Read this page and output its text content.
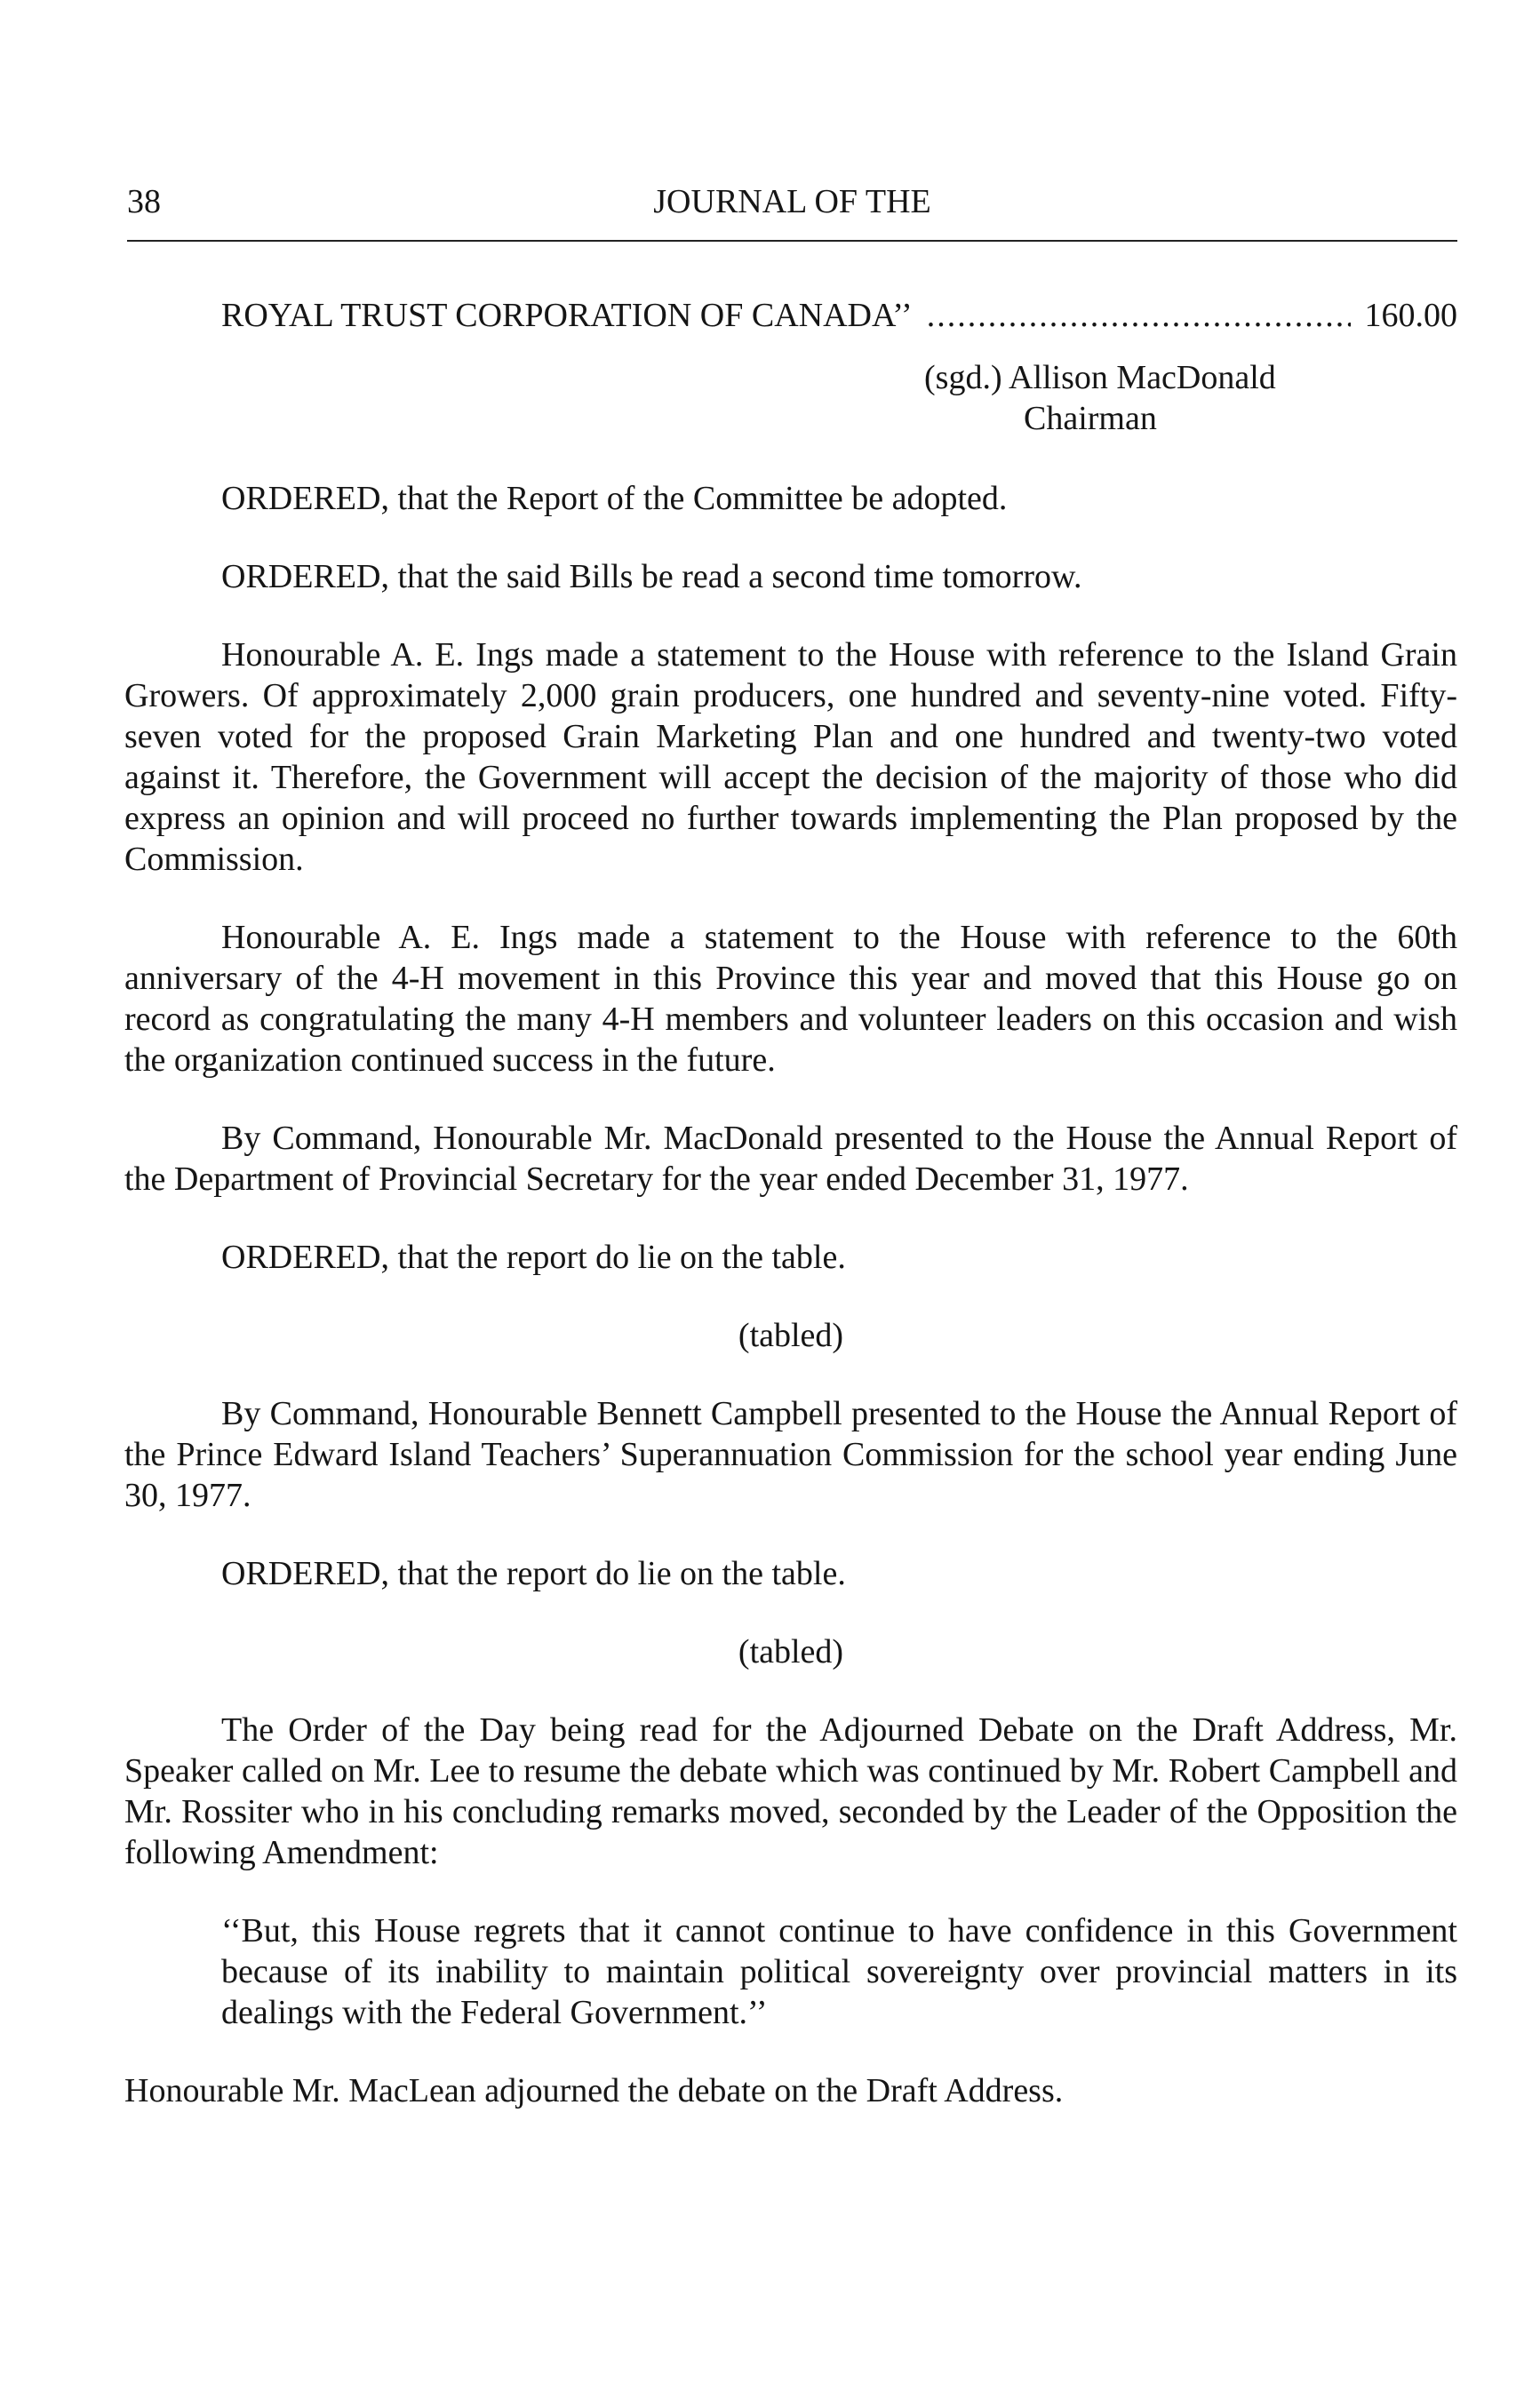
38	JOURNAL OF THE
ROYAL TRUST CORPORATION OF CANADA’’
.....	160.00

(sgd.) Allison MacDonald

Chairman

ORDERED, that the Report of the Committee be adopted.

ORDERED, that the said Bills be read a second time tomorrow.

Honourable A. E. Ings made a statement to the House with reference to the Island Grain Growers. Of approximately 2,000 grain producers, one hundred and seventy-nine voted. Fifty-seven voted for the proposed Grain Marketing Plan and one hundred and twenty-two voted against it. Therefore, the Government will accept the decision of the majority of those who did express an opinion and will proceed no further towards implementing the Plan proposed by the Commission.

Honourable A. E. Ings made a statement to the House with reference to the 60th anniversary of the 4-H movement in this Province this year and moved that this House go on record as congratulating the many 4-H members and volunteer leaders on this occasion and wish the organization continued success in the future.

By Command, Honourable Mr. MacDonald presented to the House the Annual Report of the Department of Provincial Secretary for the year ended December 31, 1977.

ORDERED, that the report do lie on the table.

(tabled)

By Command, Honourable Bennett Campbell presented to the House the Annual Report of the Prince Edward Island Teachers’ Superannuation Commission for the school year ending June 30, 1977.

ORDERED, that the report do lie on the table.

(tabled)

The Order of the Day being read for the Adjourned Debate on the Draft Address, Mr. Speaker called on Mr. Lee to resume the debate which was continued by Mr. Robert Campbell and Mr. Rossiter who in his concluding remarks moved, seconded by the Leader of the Opposition the following Amendment:

‘‘But, this House regrets that it cannot continue to have confidence in this Government because of its inability to maintain political sovereignty over provincial matters in its dealings with the Federal Government.’’

Honourable Mr. MacLean adjourned the debate on the Draft Address.
